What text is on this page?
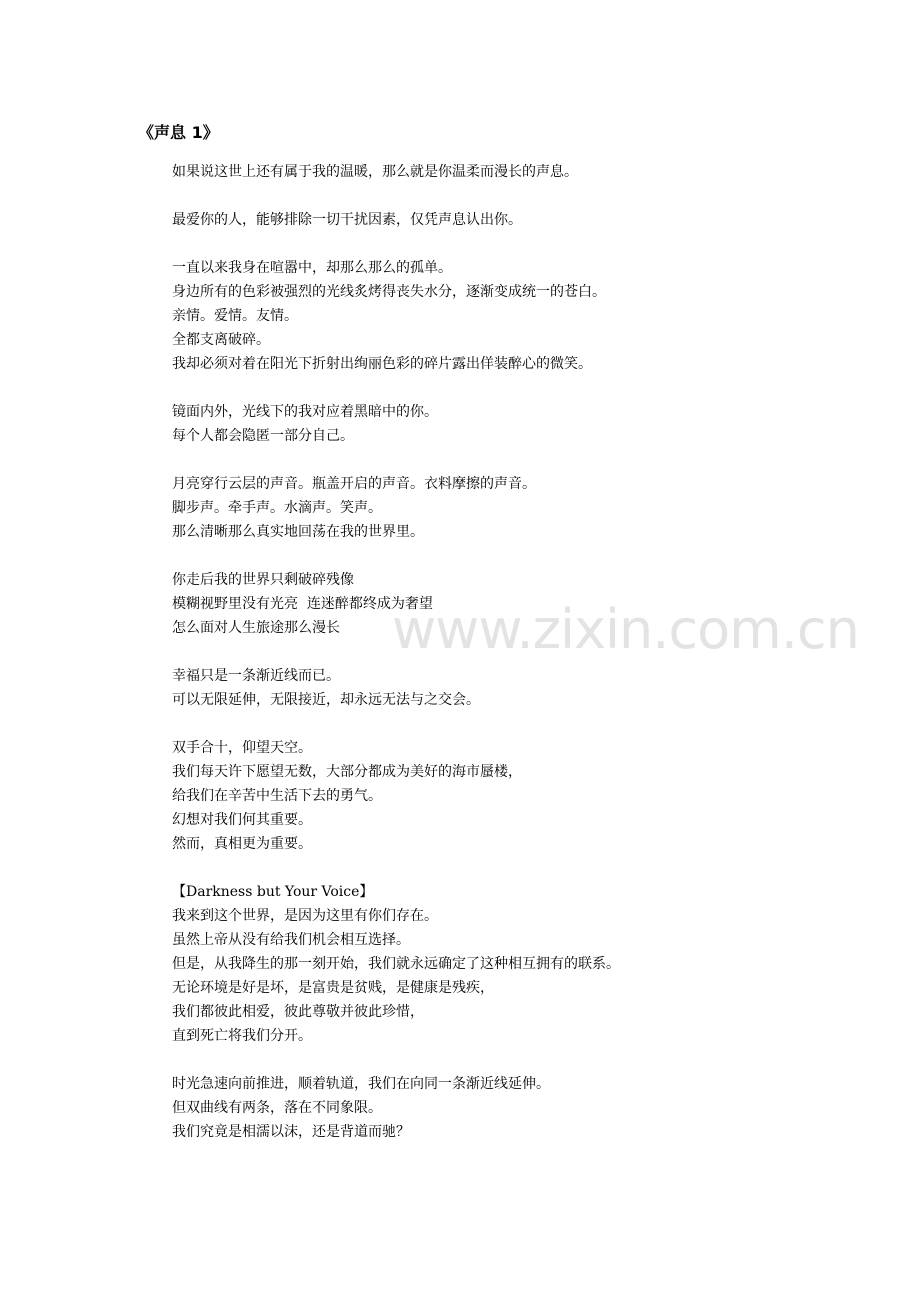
www.zixin.com.cn
《声息 1》
如果说这世上还有属于我的温暖，那么就是你温柔而漫长的声息。
最爱你的人，能够排除一切干扰因素，仅凭声息认出你。
一直以来我身在喧嚣中，却那么那么的孤单。
身边所有的色彩被强烈的光线炙烤得丧失水分，逐渐变成统一的苍白。
亲情。爱情。友情。
全都支离破碎。
我却必须对着在阳光下折射出绚丽色彩的碎片露出佯装醉心的微笑。
镜面内外，光线下的我对应着黑暗中的你。
每个人都会隐匿一部分自己。
月亮穿行云层的声音。瓶盖开启的声音。衣料摩擦的声音。
脚步声。牵手声。水滴声。笑声。
那么清晰那么真实地回荡在我的世界里。
你走后我的世界只剩破碎残像
模糊视野里没有光亮  连迷醉都终成为奢望
怎么面对人生旅途那么漫长
幸福只是一条渐近线而已。
可以无限延伸，无限接近，却永远无法与之交会。
双手合十，仰望天空。
我们每天许下愿望无数，大部分都成为美好的海市蜃楼，
给我们在辛苦中生活下去的勇气。
幻想对我们何其重要。
然而，真相更为重要。
【Darkness but Your Voice】
我来到这个世界，是因为这里有你们存在。
虽然上帝从没有给我们机会相互选择。
但是，从我降生的那一刻开始，我们就永远确定了这种相互拥有的联系。
无论环境是好是坏，是富贵是贫贱，是健康是残疾，
我们都彼此相爱，彼此尊敬并彼此珍惜，
直到死亡将我们分开。
时光急速向前推进，顺着轨道，我们在向同一条渐近线延伸。
但双曲线有两条，落在不同象限。
我们究竟是相濡以沫，还是背道而驰？
